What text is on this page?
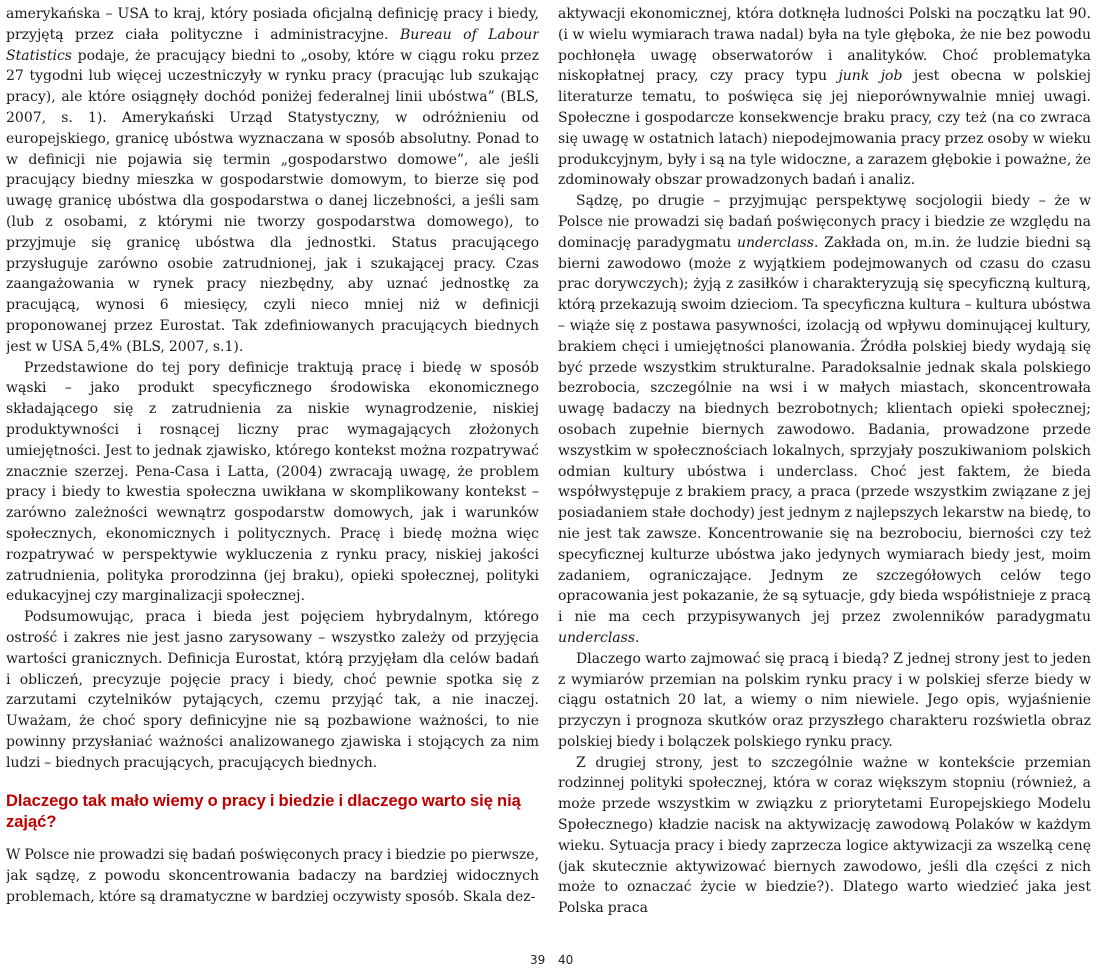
amerykańska – USA to kraj, który posiada oficjalną definicję pracy i biedy, przyjętą przez ciała polityczne i administracyjne. Bureau of Labour Statistics podaje, że pracujący biedni to „osoby, które w ciągu roku przez 27 tygodni lub więcej uczestniczyły w rynku pracy (pracując lub szukając pracy), ale które osiągnęły dochód poniżej federalnej linii ubóstwa” (BLS, 2007, s. 1). Amerykański Urząd Statystyczny, w odróżnieniu od europejskiego, granicę ubóstwa wyznaczana w sposób absolutny. Ponad to w definicji nie pojawia się termin „gospodarstwo domowe”, ale jeśli pracujący biedny mieszka w gospodarstwie domowym, to bierze się pod uwagę granicę ubóstwa dla gospodarstwa o danej liczebności, a jeśli sam (lub z osobami, z którymi nie tworzy gospodarstwa domowego), to przyjmuje się granicę ubóstwa dla jednostki. Status pracującego przysługuje zarówno osobie zatrudnionej, jak i szukającej pracy. Czas zaangażowania w rynek pracy niezbędny, aby uznać jednostkę za pracującą, wynosi 6 miesięcy, czyli nieco mniej niż w definicji proponowanej przez Eurostat. Tak zdefiniowanych pracujących biednych jest w USA 5,4% (BLS, 2007, s.1).

Przedstawione do tej pory definicje traktują pracę i biedę w sposób wąski – jako produkt specyficznego środowiska ekonomicznego składającego się z zatrudnienia za niskie wynagrodzenie, niskiej produktywności i rosnącej liczny prac wymagających złożonych umiejętności. Jest to jednak zjawisko, którego kontekst można rozpatrywać znacznie szerzej. Pena-Casa i Latta, (2004) zwracają uwagę, że problem pracy i biedy to kwestia społeczna uwikłana w skomplikowany kontekst – zarówno zależności wewnątrz gospodarstw domowych, jak i warunków społecznych, ekonomicznych i politycznych. Pracę i biedę można więc rozpatrywać w perspektywie wykluczenia z rynku pracy, niskiej jakości zatrudnienia, polityka prorodzinna (jej braku), opieki społecznej, polityki edukacyjnej czy marginalizacji społecznej.

Podsumowując, praca i bieda jest pojęciem hybrydalnym, którego ostrość i zakres nie jest jasno zarysowany – wszystko zależy od przyjęcia wartości granicznych. Definicja Eurostat, którą przyjęłam dla celów badań i obliczeń, precyzuje pojęcie pracy i biedy, choć pewnie spotka się z zarzutami czytelników pytających, czemu przyjąć tak, a nie inaczej. Uważam, że choć spory definicyjne nie są pozbawione ważności, to nie powinny przysłaniać ważności analizowanego zjawiska i stojących za nim ludzi – biednych pracujących, pracujących biednych.

Dlaczego tak mało wiemy o pracy i biedzie i dlaczego warto się nią zająć?

W Polsce nie prowadzi się badań poświęconych pracy i biedzie po pierwsze, jak sądzę, z powodu skoncentrowania badaczy na bardziej widocznych problemach, które są dramatyczne w bardziej oczywisty sposób. Skala dez-

aktywacji ekonomicznej, która dotknęła ludności Polski na początku lat 90. (i w wielu wymiarach trawa nadal) była na tyle głęboka, że nie bez powodu pochłonęła uwagę obserwatorów i analityków. Choć problematyka niskopłatnej pracy, czy pracy typu junk job jest obecna w polskiej literaturze tematu, to poświęca się jej nieporównywalnie mniej uwagi. Społeczne i gospodarcze konsekwencje braku pracy, czy też (na co zwraca się uwagę w ostatnich latach) niepodejmowania pracy przez osoby w wieku produkcyjnym, były i są na tyle widoczne, a zarazem głębokie i poważne, że zdominowały obszar prowadzonych badań i analiz.

Sądzę, po drugie – przyjmując perspektywę socjologii biedy – że w Polsce nie prowadzi się badań poświęconych pracy i biedzie ze względu na dominację paradygmatu underclass. Zakłada on, m.in. że ludzie biedni są bierni zawodowo (może z wyjątkiem podejmowanych od czasu do czasu prac dorywczych); żyją z zasiłków i charakteryzują się specyficzną kulturą, którą przekazują swoim dzieciom. Ta specyficzna kultura – kultura ubóstwa – wiąże się z postawa pasywności, izolacją od wpływu dominującej kultury, brakiem chęci i umiejętności planowania. Źródła polskiej biedy wydają się być przede wszystkim strukturalne. Paradoksalnie jednak skala polskiego bezrobocia, szczególnie na wsi i w małych miastach, skoncentrowała uwagę badaczy na biednych bezrobotnych; klientach opieki społecznej; osobach zupełnie biernych zawodowo. Badania, prowadzone przede wszystkim w społecznościach lokalnych, sprzyjały poszukiwaniom polskich odmian kultury ubóstwa i underclass. Choć jest faktem, że bieda współwystępuje z brakiem pracy, a praca (przede wszystkim związane z jej posiadaniem stałe dochody) jest jednym z najlepszych lekarstw na biedę, to nie jest tak zawsze. Koncentrowanie się na bezrobociu, bierności czy też specyficznej kulturze ubóstwa jako jedynych wymiarach biedy jest, moim zadaniem, ograniczające. Jednym ze szczegółowych celów tego opracowania jest pokazanie, że są sytuacje, gdy bieda współistnieje z pracą i nie ma cech przypisywanych jej przez zwolenników paradygmatu underclass.

Dlaczego warto zajmować się pracą i biedą? Z jednej strony jest to jeden z wymiarów przemian na polskim rynku pracy i w polskiej sferze biedy w ciągu ostatnich 20 lat, a wiemy o nim niewiele. Jego opis, wyjaśnienie przyczyn i prognoza skutków oraz przyszłego charakteru rozświetla obraz polskiej biedy i bolączek polskiego rynku pracy.

Z drugiej strony, jest to szczególnie ważne w kontekście przemian rodzinnej polityki społecznej, która w coraz większym stopniu (również, a może przede wszystkim w związku z priorytetami Europejskiego Modelu Społecznego) kładzie nacisk na aktywizację zawodową Polaków w każdym wieku. Sytuacja pracy i biedy zaprzecza logice aktywizacji za wszelką cenę (jak skutecznie aktywizować biernych zawodowo, jeśli dla części z nich może to oznaczać życie w biedzie?). Dlatego warto wiedzieć jaka jest Polska praca

39 40
